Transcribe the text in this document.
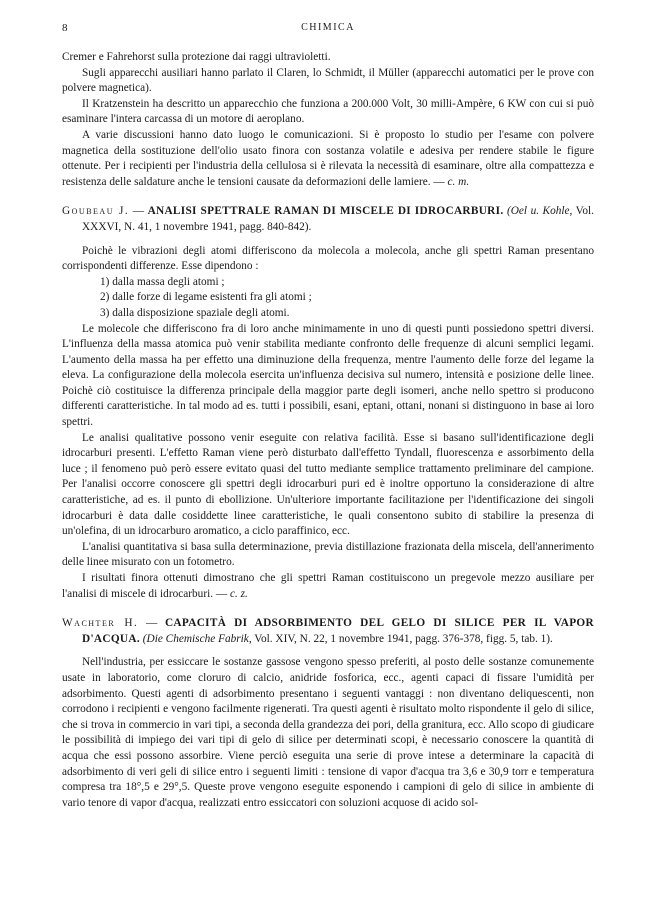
8	CHIMICA

Cremer e Fahrehorst sulla protezione dai raggi ultravioletti.

Sugli apparecchi ausiliari hanno parlato il Claren, lo Schmidt, il Müller (apparecchi automatici per le prove con polvere magnetica).

Il Kratzenstein ha descritto un apparecchio che funziona a 200.000 Volt, 30 milli-Ampère, 6 KW con cui si può esaminare l'intera carcassa di un motore di aeroplano.

A varie discussioni hanno dato luogo le comunicazioni. Si è proposto lo studio per l'esame con polvere magnetica della sostituzione dell'olio usato finora con sostanza volatile e adesiva per rendere stabile le figure ottenute. Per i recipienti per l'industria della cellulosa si è rilevata la necessità di esaminare, oltre alla compattezza e resistenza delle saldature anche le tensioni causate da deformazioni delle lamiere. — c. m.

Goubeau J. — ANALISI SPETTRALE RAMAN DI MISCELE DI IDROCARBURI. (Oel u. Kohle, Vol. XXXVI, N. 41, 1 novembre 1941, pagg. 840-842).

Poichè le vibrazioni degli atomi differiscono da molecola a molecola, anche gli spettri Raman presentano corrispondenti differenze. Esse dipendono :

1) dalla massa degli atomi ;
2) dalle forze di legame esistenti fra gli atomi ;
3) dalla disposizione spaziale degli atomi.

Le molecole che differiscono fra di loro anche minimamente in uno di questi punti possiedono spettri diversi. L'influenza della massa atomica può venir stabilita mediante confronto delle frequenze di alcuni semplici legami. L'aumento della massa ha per effetto una diminuzione della frequenza, mentre l'aumento delle forze del legame la eleva. La configurazione della molecola esercita un'influenza decisiva sul numero, intensità e posizione delle linee. Poichè ciò costituisce la differenza principale della maggior parte degli isomeri, anche nello spettro si producono differenti caratteristiche. In tal modo ad es. tutti i possibili, esani, eptani, ottani, nonani si distinguono in base ai loro spettri.

Le analisi qualitative possono venir eseguite con relativa facilità. Esse si basano sull'identificazione degli idrocarburi presenti. L'effetto Raman viene però disturbato dall'effetto Tyndall, fluorescenza e assorbimento della luce ; il fenomeno può però essere evitato quasi del tutto mediante semplice trattamento preliminare del campione. Per l'analisi occorre conoscere gli spettri degli idrocarburi puri ed è inoltre opportuno la considerazione di altre caratteristiche, ad es. il punto di ebollizione. Un'ulteriore importante facilitazione per l'identificazione dei singoli idrocarburi è data dalle cosiddette linee caratteristiche, le quali consentono subito di stabilire la presenza di un'olefina, di un idrocarburo aromatico, a ciclo paraffinico, ecc.

L'analisi quantitativa si basa sulla determinazione, previa distillazione frazionata della miscela, dell'annerimento delle linee misurato con un fotometro.

I risultati finora ottenuti dimostrano che gli spettri Raman costituiscono un pregevole mezzo ausiliare per l'analisi di miscele di idrocarburi. — c. z.

Wachter H. — CAPACITÀ DI ADSORBIMENTO DEL GELO DI SILICE PER IL VAPOR D'ACQUA. (Die Chemische Fabrik, Vol. XIV, N. 22, 1 novembre 1941, pagg. 376-378, figg. 5, tab. 1).

Nell'industria, per essiccare le sostanze gassose vengono spesso preferiti, al posto delle sostanze comunemente usate in laboratorio, come cloruro di calcio, anidride fosforica, ecc., agenti capaci di fissare l'umidità per adsorbimento. Questi agenti di adsorbimento presentano i seguenti vantaggi : non diventano deliquescenti, non corrodono i recipienti e vengono facilmente rigenerati. Tra questi agenti è risultato molto rispondente il gelo di silice, che si trova in commercio in vari tipi, a seconda della grandezza dei pori, della granitura, ecc. Allo scopo di giudicare le possibilità di impiego dei vari tipi di gelo di silice per determinati scopi, è necessario conoscere la quantità di acqua che essi possono assorbire. Viene perciò eseguita una serie di prove intese a determinare la capacità di adsorbimento di veri geli di silice entro i seguenti limiti : tensione di vapor d'acqua tra 3,6 e 30,9 torr e temperatura compresa tra 18°,5 e 29°,5. Queste prove vengono eseguite esponendo i campioni di gelo di silice in ambiente di vario tenore di vapor d'acqua, realizzati entro essiccatori con soluzioni acquose di acido sol-
